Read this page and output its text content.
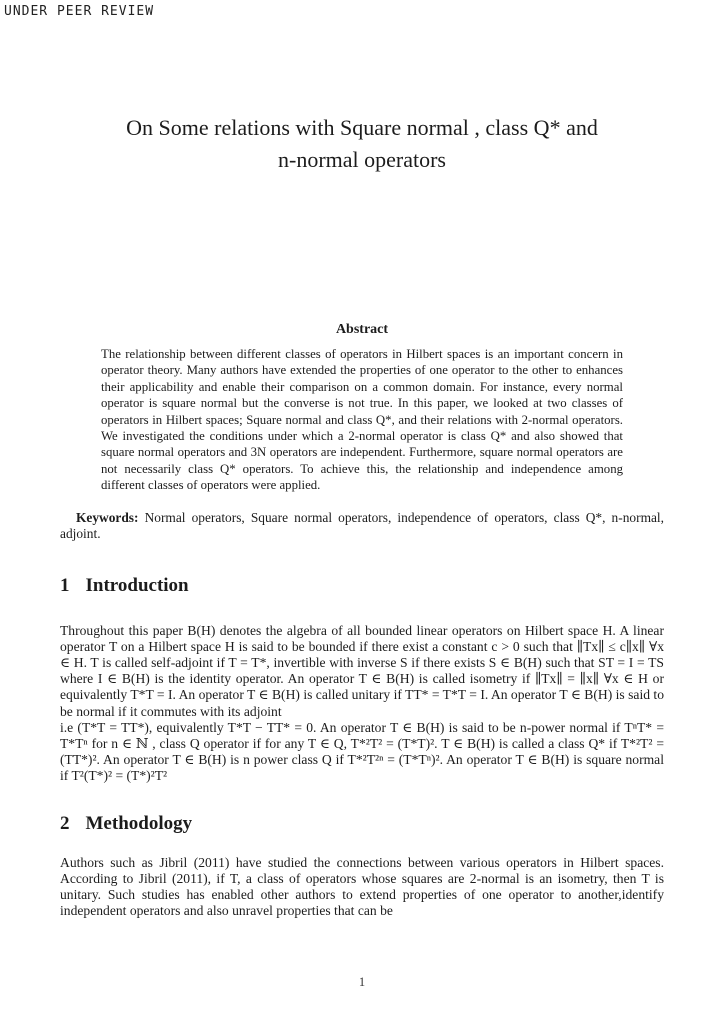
UNDER PEER REVIEW
On Some relations with Square normal , class Q* and
n-normal operators
Abstract
The relationship between different classes of operators in Hilbert spaces is an important concern in operator theory. Many authors have extended the properties of one operator to the other to enhances their applicability and enable their comparison on a common domain. For instance, every normal operator is square normal but the converse is not true. In this paper, we looked at two classes of operators in Hilbert spaces; Square normal and class Q*, and their relations with 2-normal operators. We investigated the conditions under which a 2-normal operator is class Q* and also showed that square normal operators and 3N operators are independent. Furthermore, square normal operators are not necessarily class Q* operators. To achieve this, the relationship and independence among different classes of operators were applied.
Keywords: Normal operators, Square normal operators, independence of operators, class Q*, n-normal, adjoint.
1 Introduction

Throughout this paper B(H) denotes the algebra of all bounded linear operators on Hilbert space H. A linear operator T on a Hilbert space H is said to be bounded if there exist a constant c > 0 such that ∥Tx∥ ≤ c∥x∥ ∀x ∈ H. T is called self-adjoint if T = T*, invertible with inverse S if there exists S ∈ B(H) such that ST = I = TS where I ∈ B(H) is the identity operator. An operator T ∈ B(H) is called isometry if ∥Tx∥ = ∥x∥ ∀x ∈ H or equivalently T*T = I. An operator T ∈ B(H) is called unitary if TT* = T*T = I. An operator T ∈ B(H) is said to be normal if it commutes with its adjoint

i.e (T*T = TT*), equivalently T*T − TT* = 0. An operator T ∈ B(H) is said to be n-power normal if TⁿT* = T*Tⁿ for n ∈ ℕ , class Q operator if for any T ∈ Q, T*²T² = (T*T)². T ∈ B(H) is called a class Q* if T*²T² = (TT*)². An operator T ∈ B(H) is n power class Q if T*²T²ⁿ = (T*Tⁿ)². An operator T ∈ B(H) is square normal if T²(T*)² = (T*)²T²

2 Methodology

Authors such as Jibril (2011) have studied the connections between various operators in Hilbert spaces. According to Jibril (2011), if T, a class of operators whose squares are 2-normal is an isometry, then T is unitary. Such studies has enabled other authors to extend properties of one operator to another,identify independent operators and also unravel properties that can be

1
